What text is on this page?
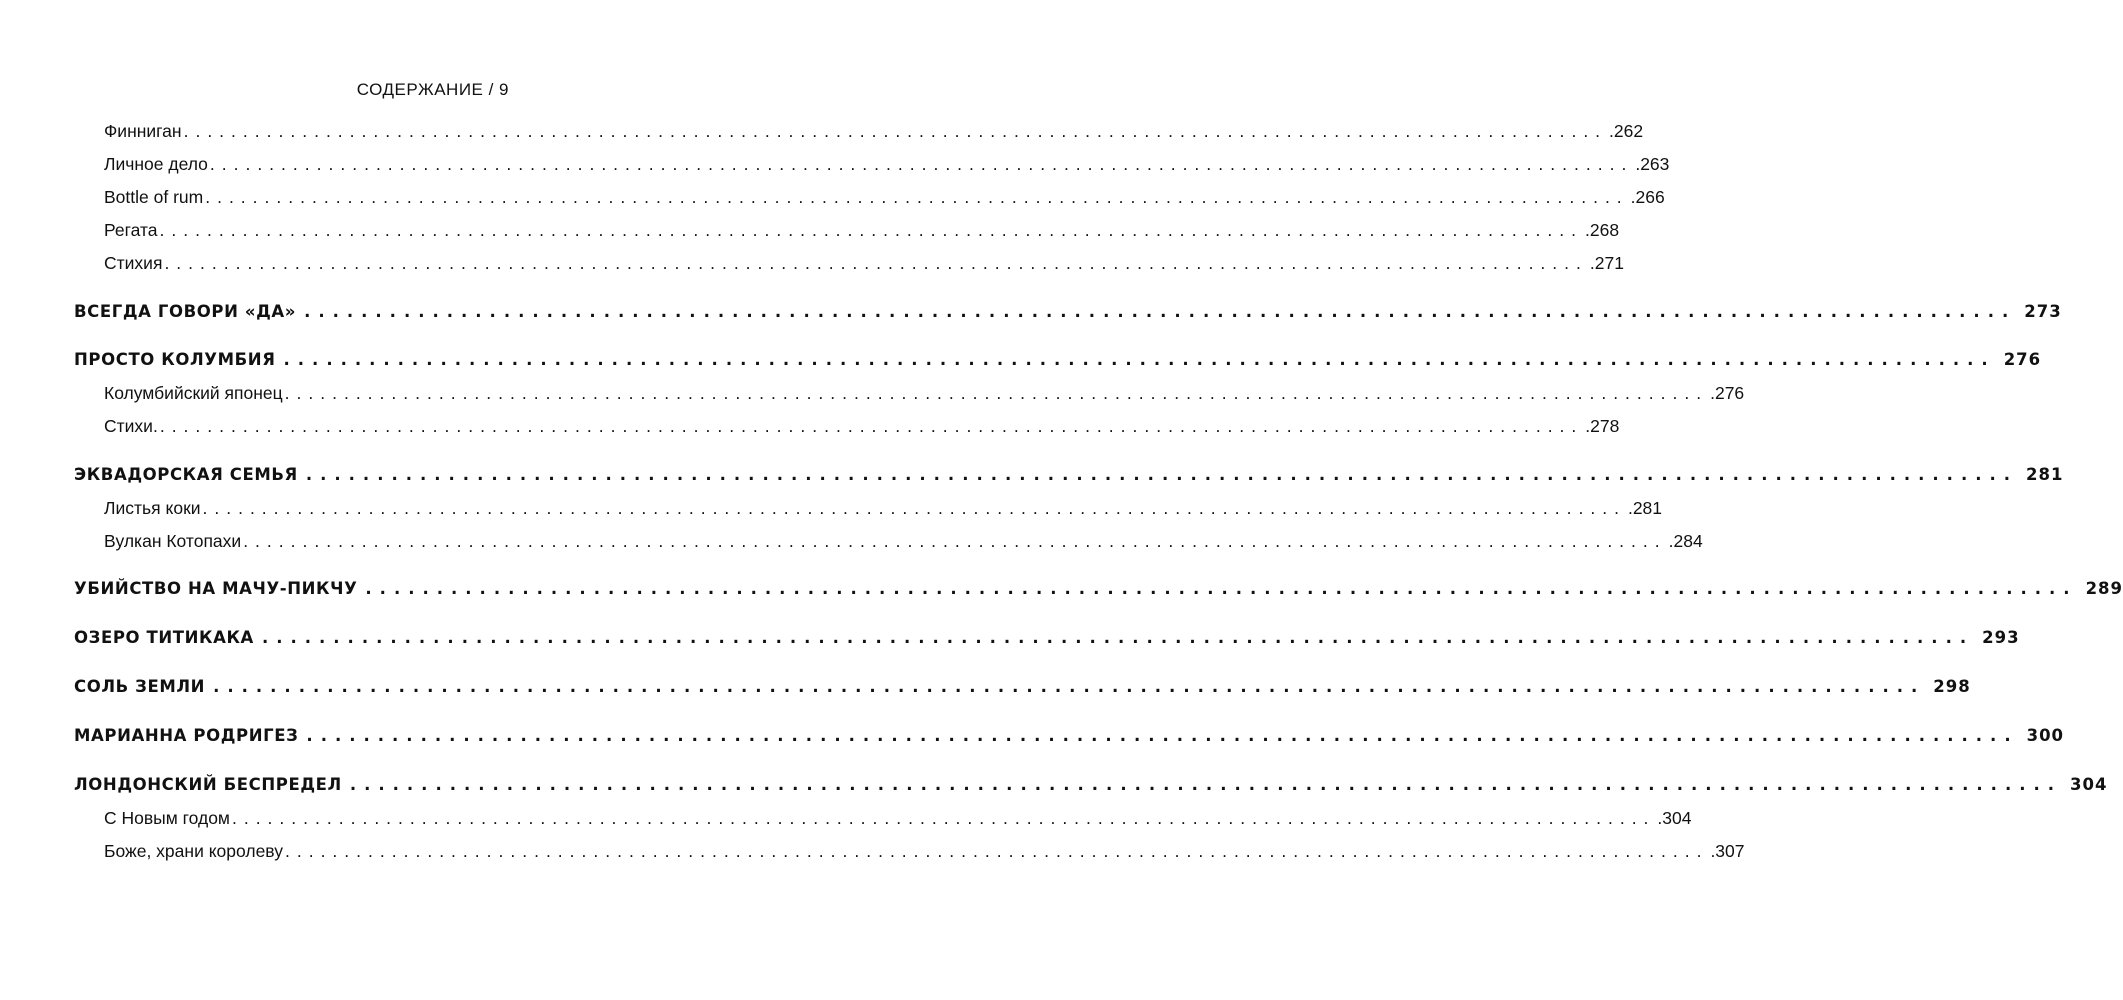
СОДЕРЖАНИЕ / 9
Финниган ........................................................................................................................ .262
Личное дело ........................................................................................................................ .263
Bottle of rum ........................................................................................................................ .266
Регата ........................................................................................................................ .268
Стихия ........................................................................................................................ .271
ВСЕГДА ГОВОРИ «ДА» ........................................................................................................................ 273
ПРОСТО КОЛУМБИЯ ........................................................................................................................ 276
Колумбийский японец ........................................................................................................................ .276
Стихи. ........................................................................................................................ .278
ЭКВАДОРСКАЯ СЕМЬЯ ........................................................................................................................ 281
Листья коки ........................................................................................................................ .281
Вулкан Котопахи ........................................................................................................................ .284
УБИЙСТВО НА МАЧУ-ПИКЧУ ........................................................................................................................ 289
ОЗЕРО ТИТИКАКА ........................................................................................................................ 293
СОЛЬ ЗЕМЛИ ........................................................................................................................ 298
МАРИАННА РОДРИГЕЗ ........................................................................................................................ 300
ЛОНДОНСКИЙ БЕСПРЕДЕЛ ........................................................................................................................ 304
С Новым годом ........................................................................................................................ .304
Боже, храни королеву ........................................................................................................................ .307
